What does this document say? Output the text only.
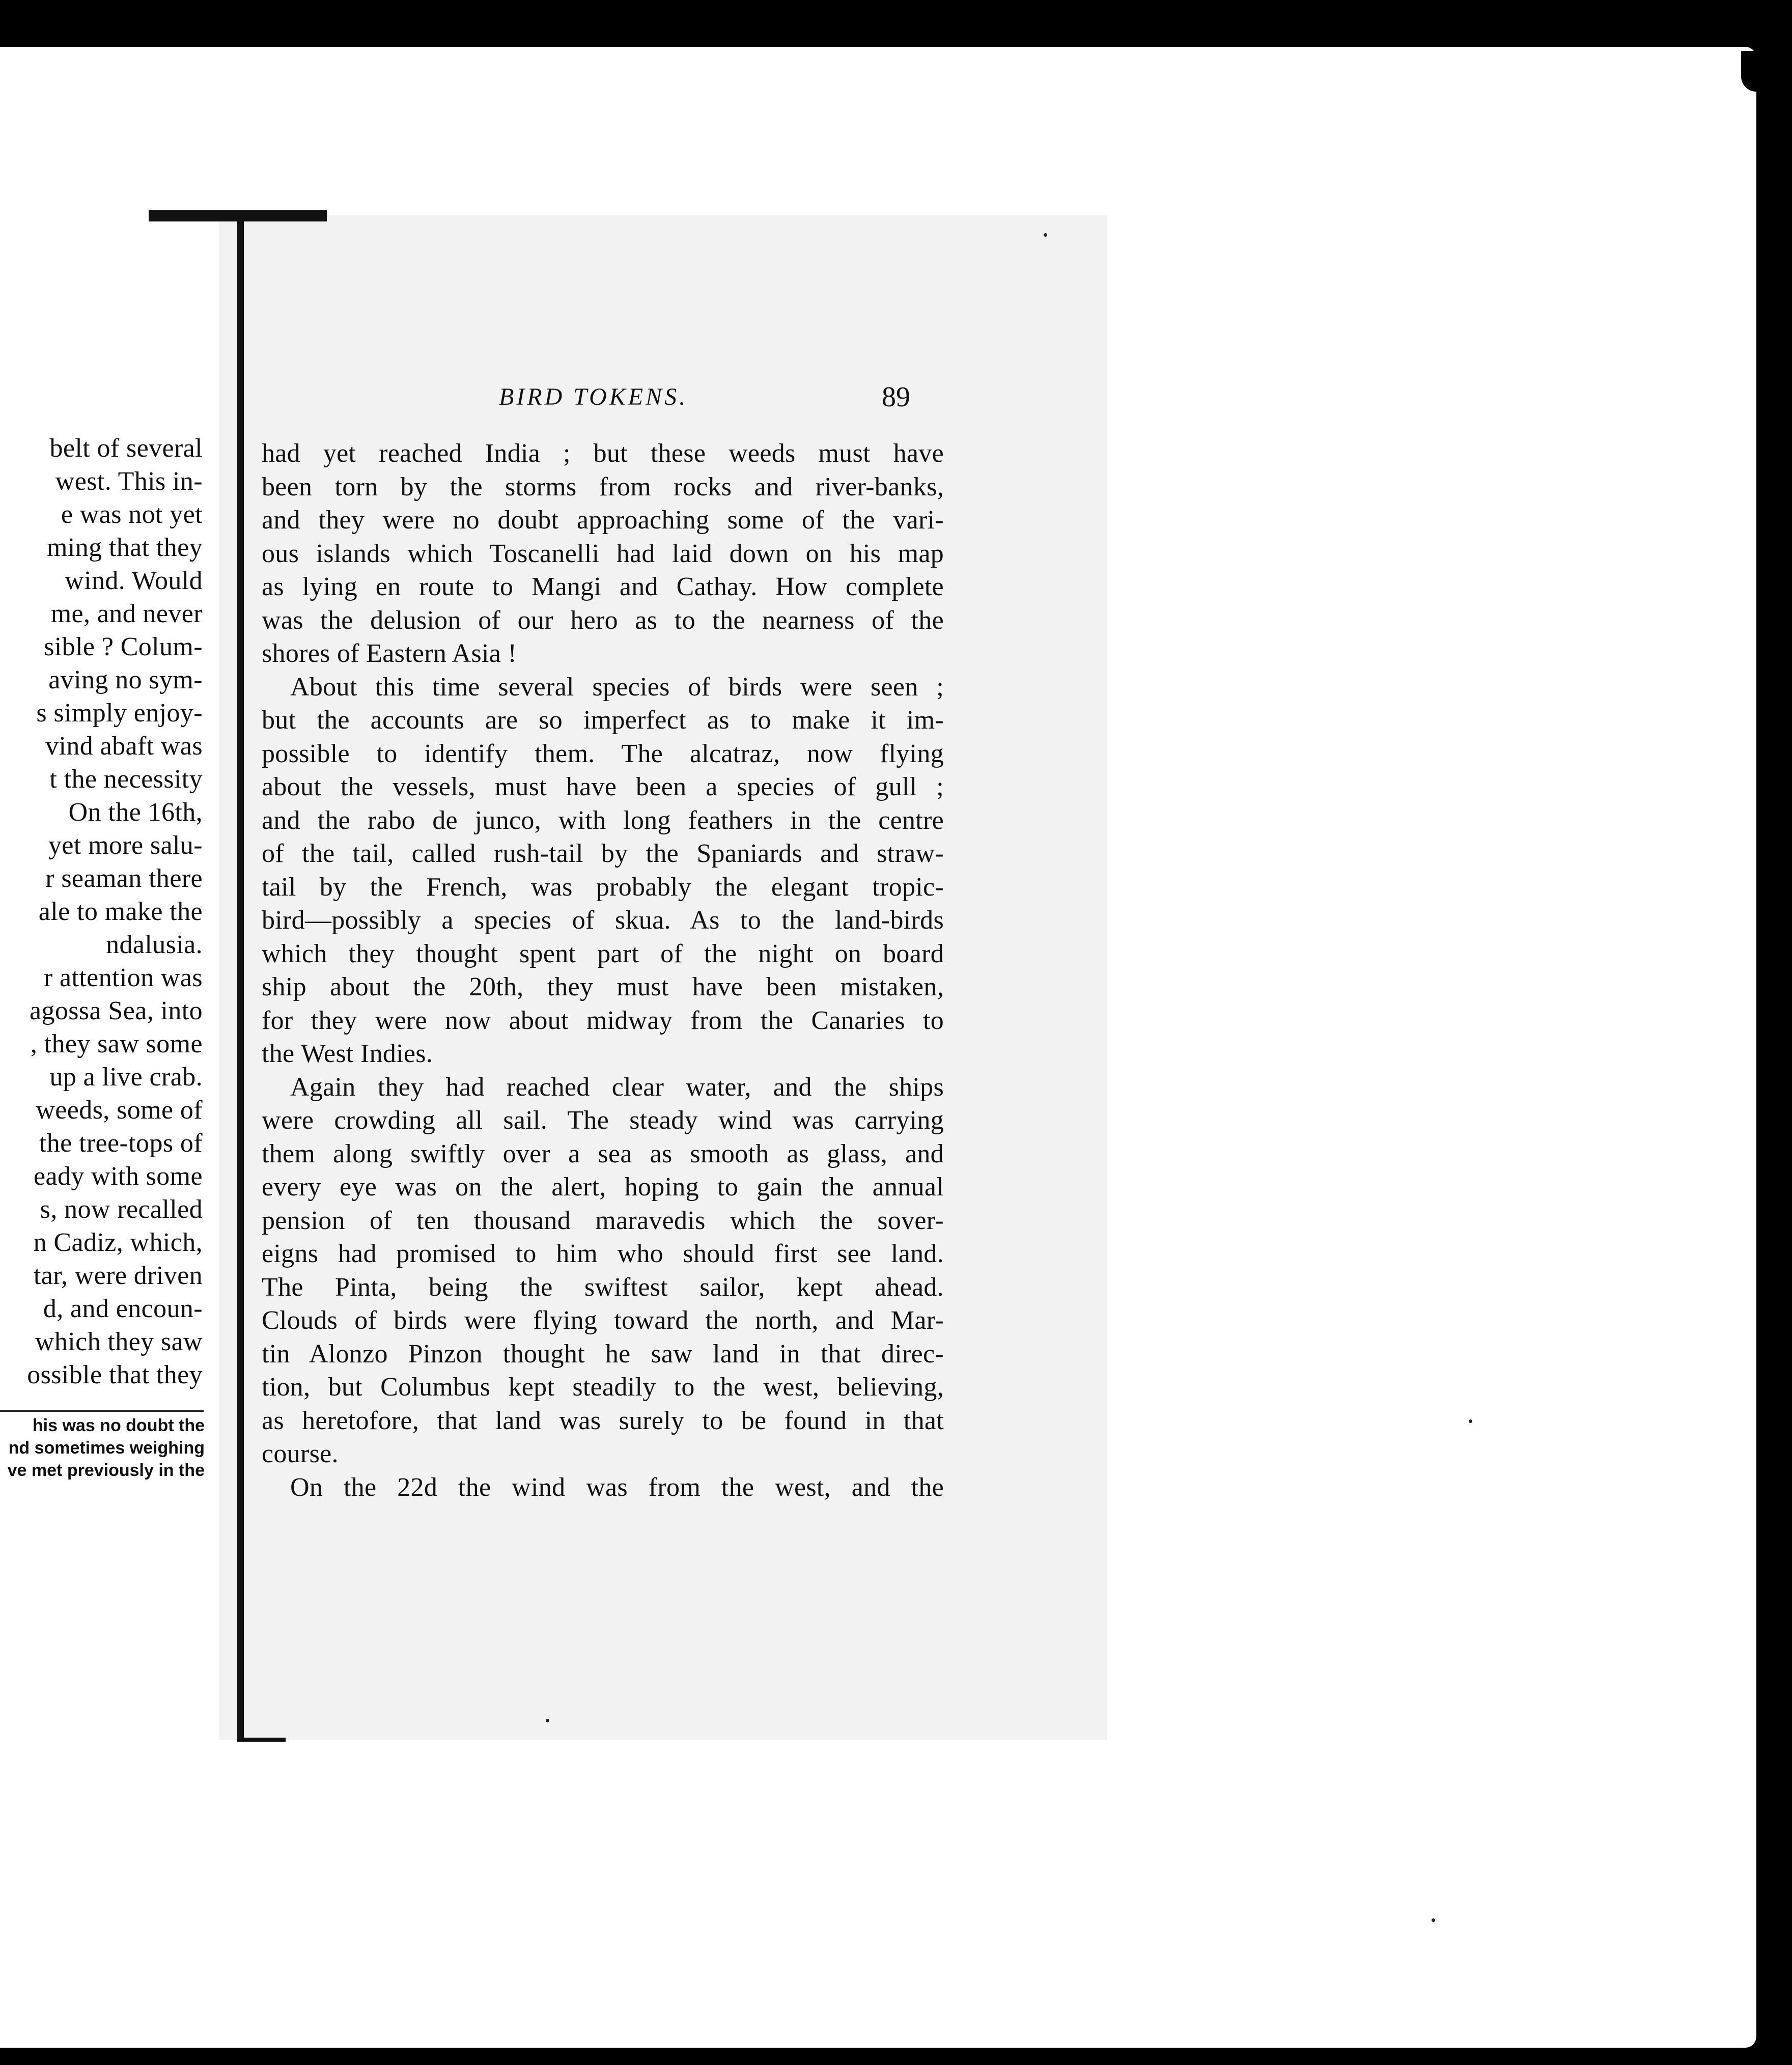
belt of several
west. This in-
e was not yet
ming that they
wind. Would
me, and never
sible ? Colum-
aving no sym-
s simply enjoy-
vind abaft was
t the necessity
On the 16th,
yet more salu-
r seaman there
ale to make the
ndalusia.
r attention was
agossa Sea, into
, they saw some
up a live crab.
weeds, some of
the tree-tops of
eady with some
s, now recalled
n Cadiz, which,
tar, were driven
d, and encoun-
which they saw
ossible that they
his was no doubt the
nd sometimes weighing
ve met previously in the
BIRD TOKENS.	89
had yet reached India ; but these weeds must have
been torn by the storms from rocks and river-banks,
and they were no doubt approaching some of the vari-
ous islands which Toscanelli had laid down on his map
as lying en route to Mangi and Cathay. How complete
was the delusion of our hero as to the nearness of the
shores of Eastern Asia !
About this time several species of birds were seen ;
but the accounts are so imperfect as to make it im-
possible to identify them. The alcatraz, now flying
about the vessels, must have been a species of gull ;
and the rabo de junco, with long feathers in the centre
of the tail, called rush-tail by the Spaniards and straw-
tail by the French, was probably the elegant tropic-
bird—possibly a species of skua. As to the land-birds
which they thought spent part of the night on board
ship about the 20th, they must have been mistaken,
for they were now about midway from the Canaries to
the West Indies.
Again they had reached clear water, and the ships
were crowding all sail. The steady wind was carrying
them along swiftly over a sea as smooth as glass, and
every eye was on the alert, hoping to gain the annual
pension of ten thousand maravedis which the sover-
eigns had promised to him who should first see land.
The Pinta, being the swiftest sailor, kept ahead.
Clouds of birds were flying toward the north, and Mar-
tin Alonzo Pinzon thought he saw land in that direc-
tion, but Columbus kept steadily to the west, believing,
as heretofore, that land was surely to be found in that
course.
On the 22d the wind was from the west, and the
